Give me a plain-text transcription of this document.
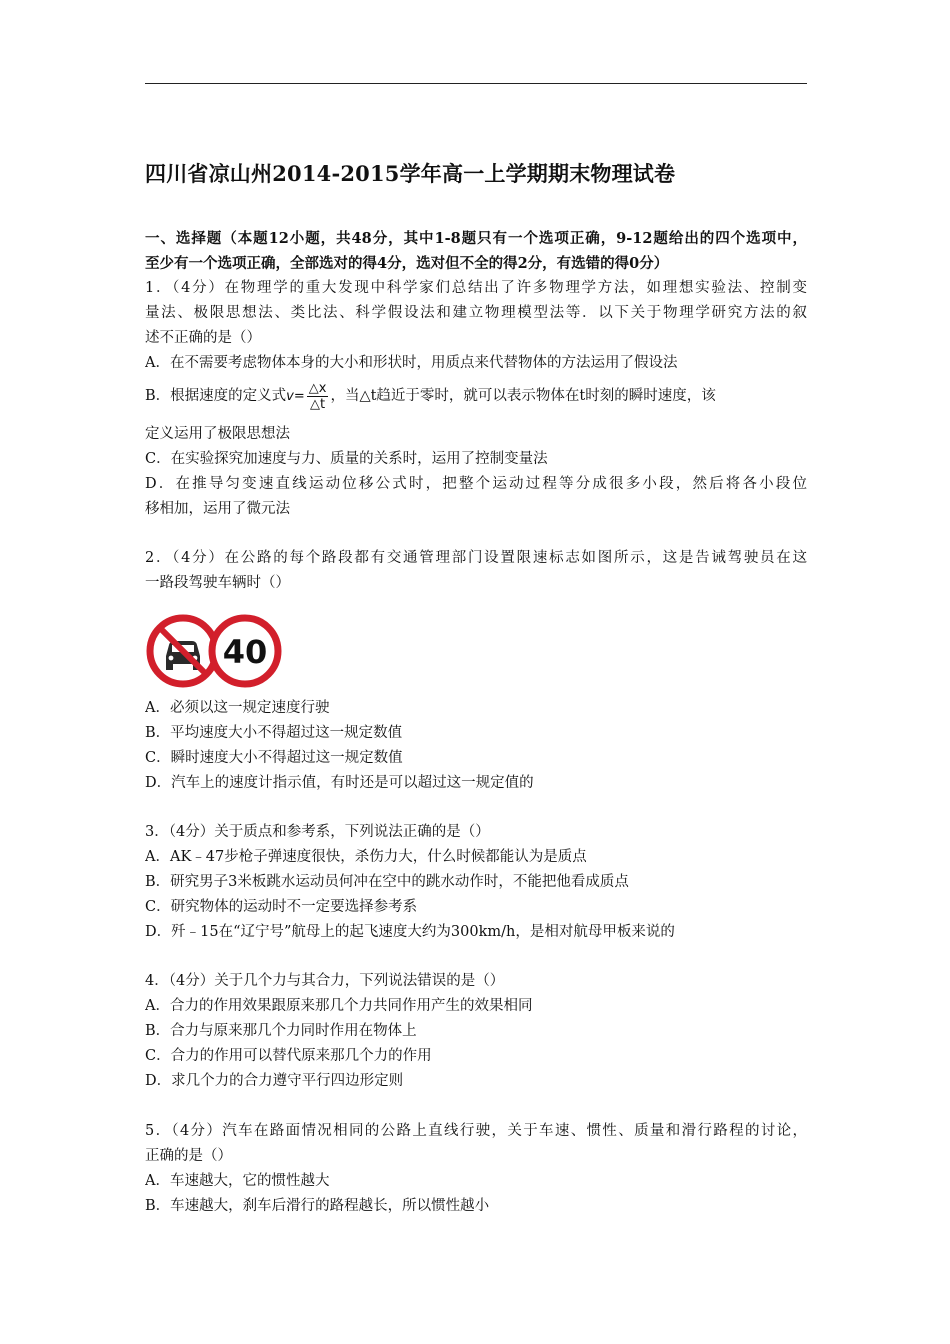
四川省凉山州2014-2015学年高一上学期期末物理试卷
一、选择题（本题12小题，共48分，其中1-8题只有一个选项正确，9-12题给出的四个选项中，
至少有一个选项正确，全部选对的得4分，选对但不全的得2分，有选错的得0分）
1．（4分）在物理学的重大发现中科学家们总结出了许多物理学方法，如理想实验法、控制变
量法、极限思想法、类比法、科学假设法和建立物理模型法等．以下关于物理学研究方法的叙
述不正确的是（）
A．在不需要考虑物体本身的大小和形状时，用质点来代替物体的方法运用了假设法
B．根据速度的定义式$v= \frac{\triangle x}{\triangle t}$ ，当△t趋近于零时，就可以表示物体在t时刻的瞬时速度，该
定义运用了极限思想法
C．在实验探究加速度与力、质量的关系时，运用了控制变量法
D．在推导匀变速直线运动位移公式时，把整个运动过程等分成很多小段，然后将各小段位
移相加，运用了微元法
2．（4分）在公路的每个路段都有交通管理部门设置限速标志如图所示，这是告诫驾驶员在这
一路段驾驶车辆时（）
40
A．必须以这一规定速度行驶
B．平均速度大小不得超过这一规定数值
C．瞬时速度大小不得超过这一规定数值
D．汽车上的速度计指示值，有时还是可以超过这一规定值的
3．（4分）关于质点和参考系，下列说法正确的是（）
A．AK﹣47步枪子弹速度很快，杀伤力大，什么时候都能认为是质点
B．研究男子3米板跳水运动员何冲在空中的跳水动作时，不能把他看成质点
C．研究物体的运动时不一定要选择参考系
D．歼﹣15在“辽宁号”航母上的起飞速度大约为300km/h，是相对航母甲板来说的
4．（4分）关于几个力与其合力，下列说法错误的是（）
A．合力的作用效果跟原来那几个力共同作用产生的效果相同
B．合力与原来那几个力同时作用在物体上
C．合力的作用可以替代原来那几个力的作用
D．求几个力的合力遵守平行四边形定则
5．（4分）汽车在路面情况相同的公路上直线行驶，关于车速、惯性、质量和滑行路程的讨论，
正确的是（）
A．车速越大，它的惯性越大
B．车速越大，刹车后滑行的路程越长，所以惯性越小
